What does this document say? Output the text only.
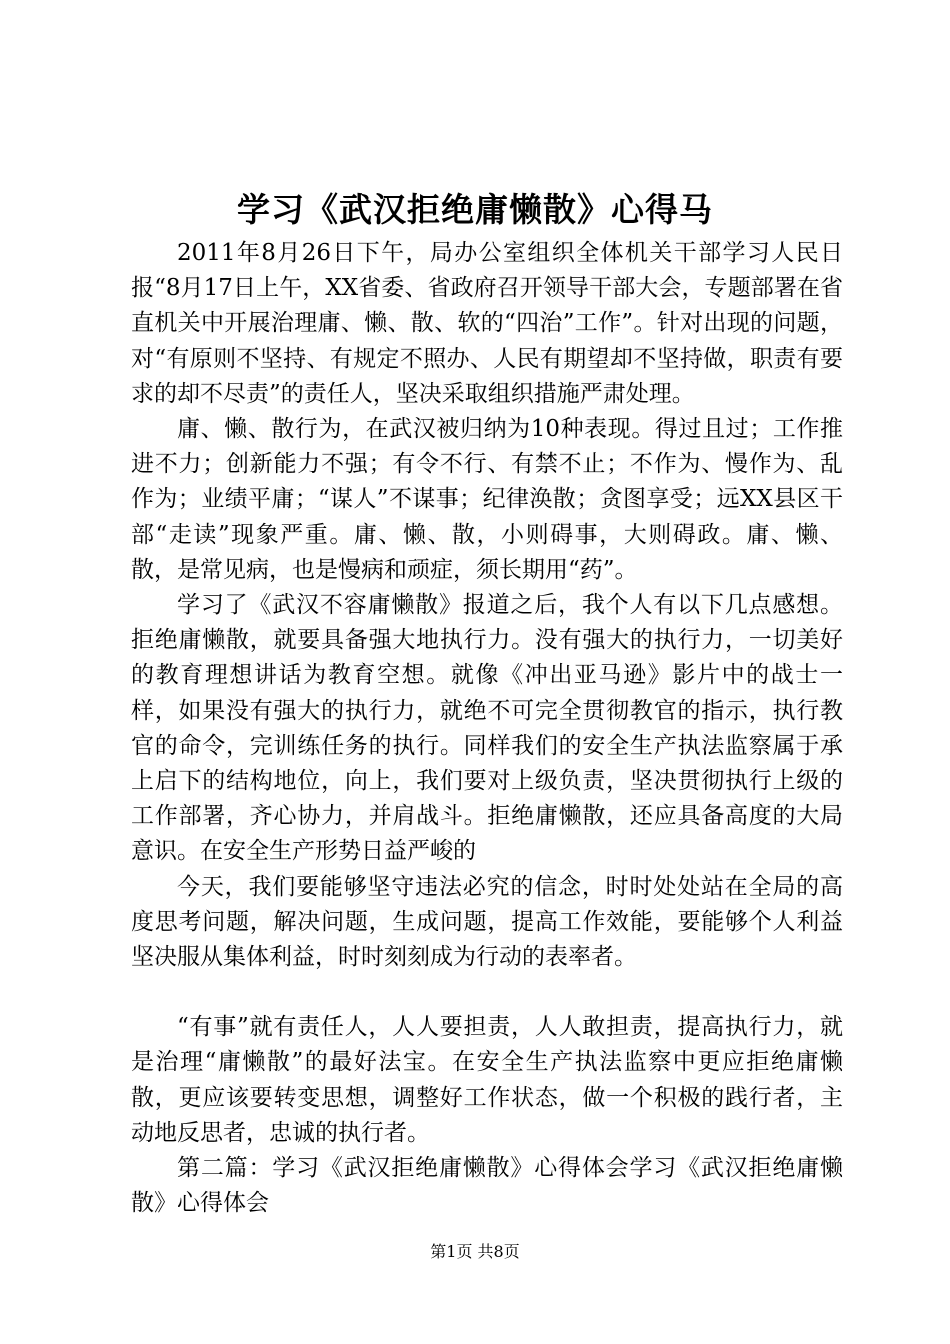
学习《武汉拒绝庸懒散》心得马

2011年8月26日下午，局办公室组织全体机关干部学习人民日报“8月17日上午，XX省委、省政府召开领导干部大会，专题部署在省直机关中开展治理庸、懒、散、软的“四治”工作”。针对出现的问题，对“有原则不坚持、有规定不照办、人民有期望却不坚持做，职责有要求的却不尽责”的责任人，坚决采取组织措施严肃处理。

庸、懒、散行为，在武汉被归纳为10种表现。得过且过；工作推进不力；创新能力不强；有令不行、有禁不止；不作为、慢作为、乱作为；业绩平庸；“谋人”不谋事；纪律涣散；贪图享受；远XX县区干部“走读”现象严重。庸、懒、散，小则碍事，大则碍政。庸、懒、散，是常见病，也是慢病和顽症，须长期用“药”。

学习了《武汉不容庸懒散》报道之后，我个人有以下几点感想。拒绝庸懒散，就要具备强大地执行力。没有强大的执行力，一切美好的教育理想讲话为教育空想。就像《冲出亚马逊》影片中的战士一样，如果没有强大的执行力，就绝不可完全贯彻教官的指示，执行教官的命令，完训练任务的执行。同样我们的安全生产执法监察属于承上启下的结构地位，向上，我们要对上级负责，坚决贯彻执行上级的工作部署，齐心协力，并肩战斗。拒绝庸懒散，还应具备高度的大局意识。在安全生产形势日益严峻的

今天，我们要能够坚守违法必究的信念，时时处处站在全局的高度思考问题，解决问题，生成问题，提高工作效能，要能够个人利益坚决服从集体利益，时时刻刻成为行动的表率者。

“有事”就有责任人，人人要担责，人人敢担责，提高执行力，就是治理“庸懒散”的最好法宝。在安全生产执法监察中更应拒绝庸懒散，更应该要转变思想，调整好工作状态，做一个积极的践行者，主动地反思者，忠诚的执行者。

第二篇：学习《武汉拒绝庸懒散》心得体会学习《武汉拒绝庸懒散》心得体会

第1页 共8页
